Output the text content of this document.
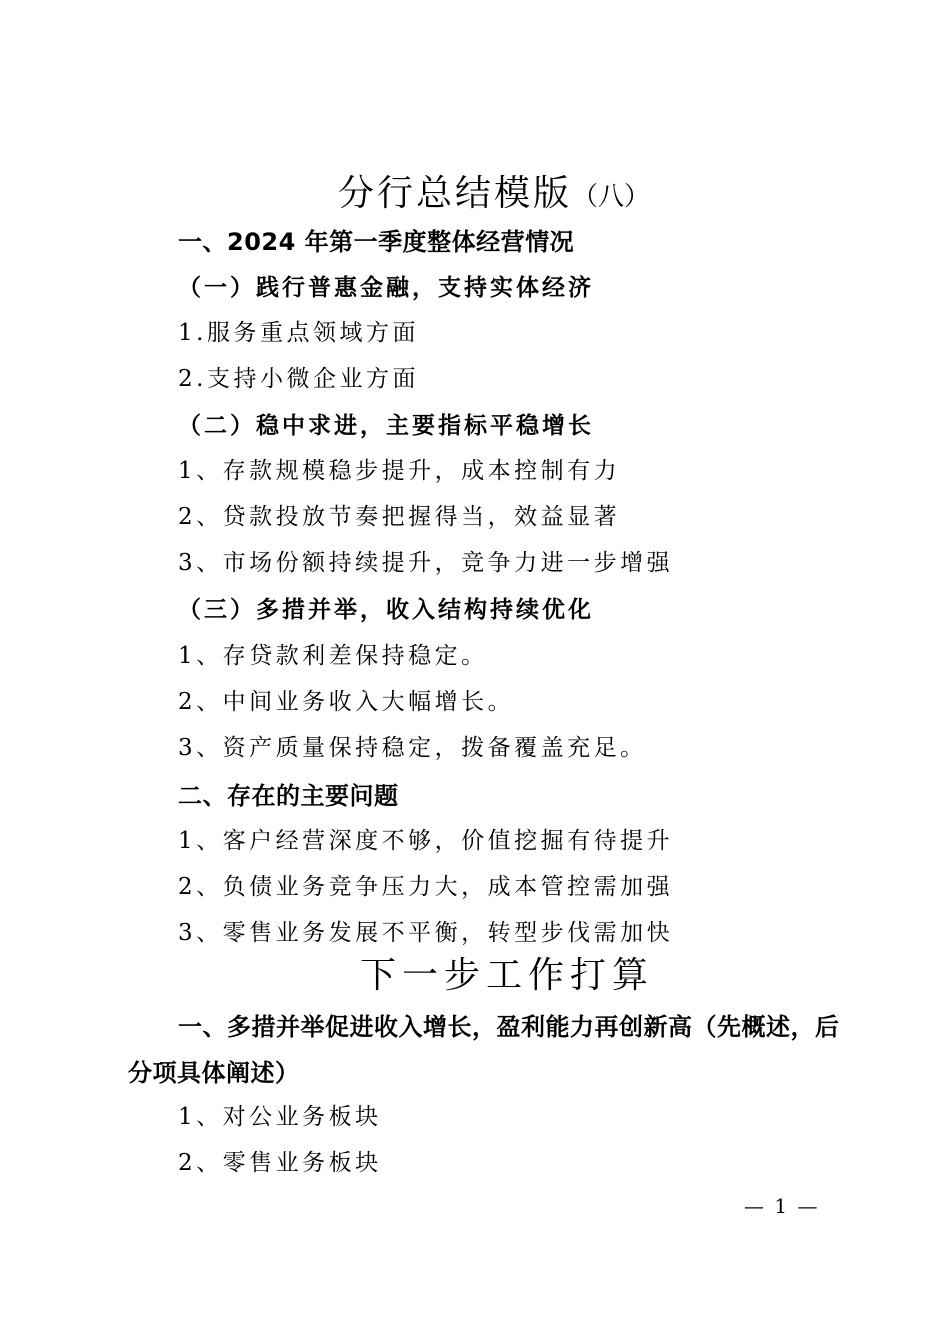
分行总结模版（八）
一、2024 年第一季度整体经营情况
（一）践行普惠金融，支持实体经济
1.服务重点领域方面
2.支持小微企业方面
（二）稳中求进，主要指标平稳增长
1、存款规模稳步提升，成本控制有力
2、贷款投放节奏把握得当，效益显著
3、市场份额持续提升，竞争力进一步增强
（三）多措并举，收入结构持续优化
1、存贷款利差保持稳定。
2、中间业务收入大幅增长。
3、资产质量保持稳定，拨备覆盖充足。
二、存在的主要问题
1、客户经营深度不够，价值挖掘有待提升
2、负债业务竞争压力大，成本管控需加强
3、零售业务发展不平衡，转型步伐需加快
下一步工作打算
一、多措并举促进收入增长，盈利能力再创新高（先概述，后分项具体阐述）
1、对公业务板块
2、零售业务板块
— 1 —
